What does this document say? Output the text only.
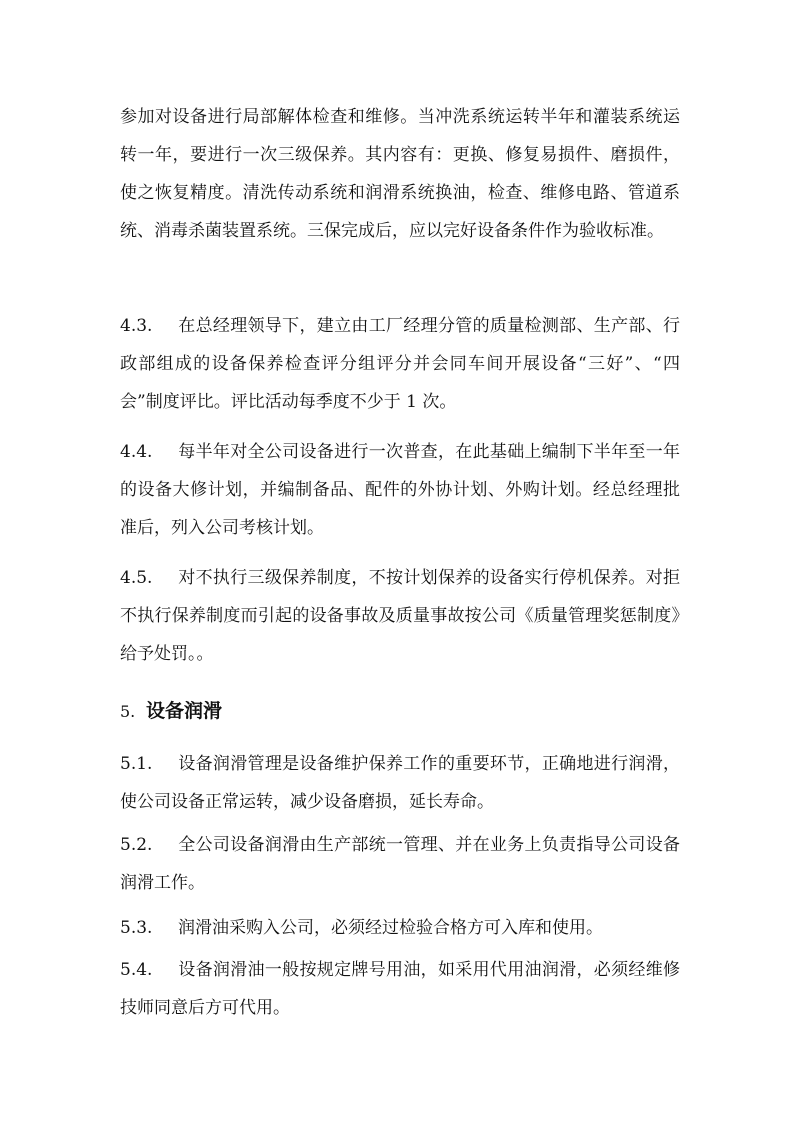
参加对设备进行局部解体检查和维修。当冲洗系统运转半年和灌装系统运转一年，要进行一次三级保养。其内容有：更换、修复易损件、磨损件，使之恢复精度。清洗传动系统和润滑系统换油，检查、维修电路、管道系统、消毒杀菌装置系统。三保完成后，应以完好设备条件作为验收标准。

4.3. 在总经理领导下，建立由工厂经理分管的质量检测部、生产部、行政部组成的设备保养检查评分组评分并会同车间开展设备“三好”、“四会”制度评比。评比活动每季度不少于 1 次。

4.4. 每半年对全公司设备进行一次普查，在此基础上编制下半年至一年的设备大修计划，并编制备品、配件的外协计划、外购计划。经总经理批准后，列入公司考核计划。

4.5. 对不执行三级保养制度，不按计划保养的设备实行停机保养。对拒不执行保养制度而引起的设备事故及质量事故按公司《质量管理奖惩制度》给予处罚。。

5. 设备润滑

5.1. 设备润滑管理是设备维护保养工作的重要环节，正确地进行润滑，使公司设备正常运转，减少设备磨损，延长寿命。

5.2. 全公司设备润滑由生产部统一管理、并在业务上负责指导公司设备润滑工作。

5.3. 润滑油采购入公司，必须经过检验合格方可入库和使用。

5.4. 设备润滑油一般按规定牌号用油，如采用代用油润滑，必须经维修技师同意后方可代用。
